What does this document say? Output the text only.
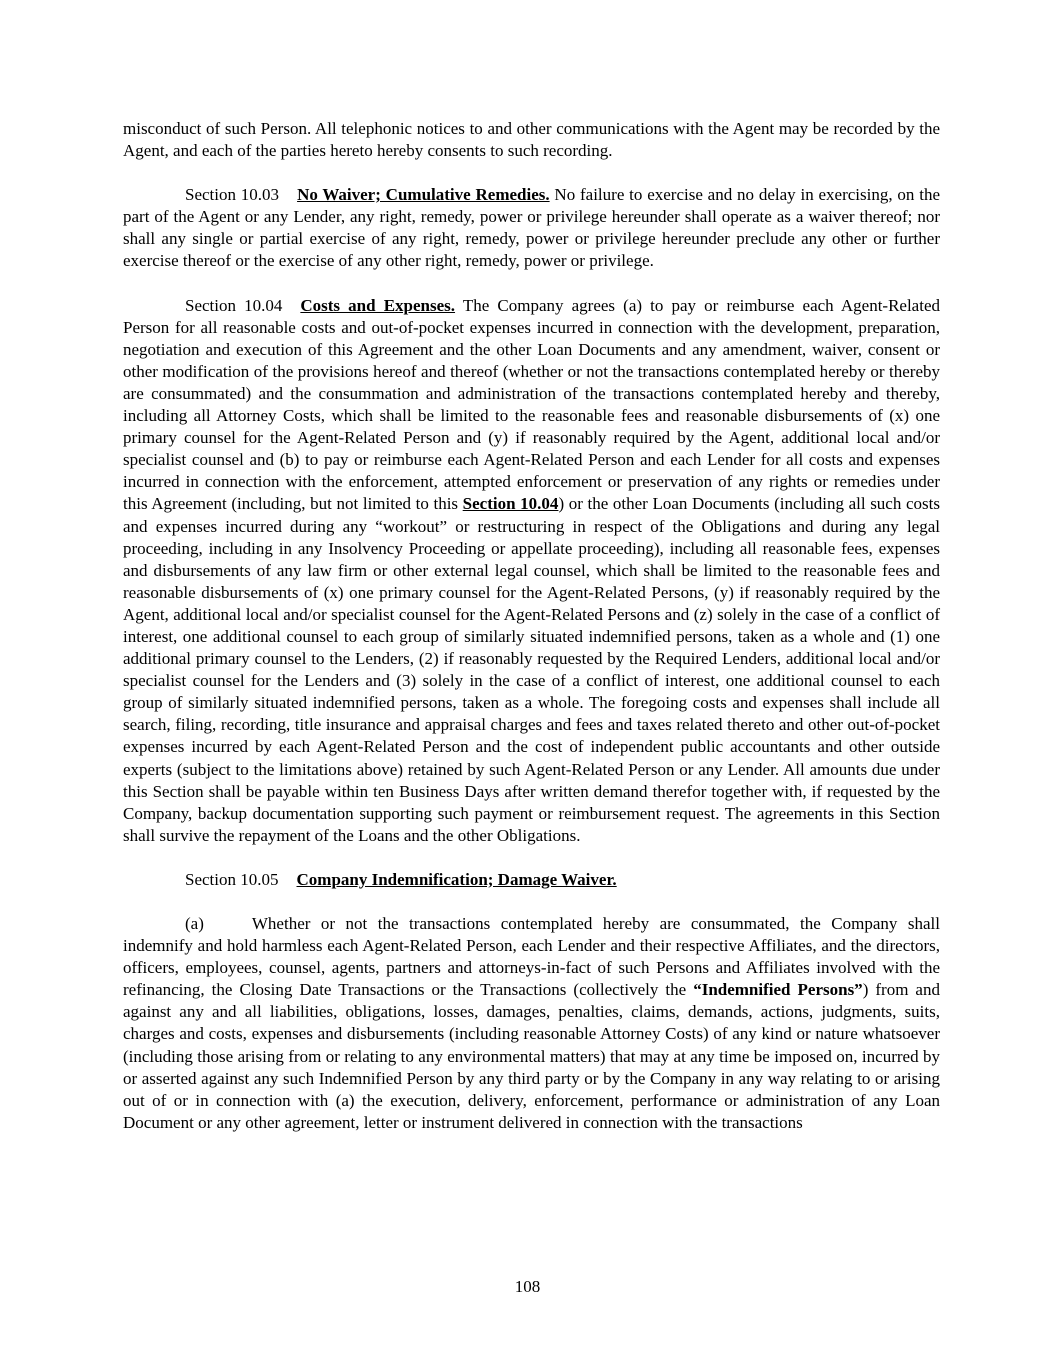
misconduct of such Person. All telephonic notices to and other communications with the Agent may be recorded by the Agent, and each of the parties hereto hereby consents to such recording.

Section 10.03 No Waiver; Cumulative Remedies. No failure to exercise and no delay in exercising, on the part of the Agent or any Lender, any right, remedy, power or privilege hereunder shall operate as a waiver thereof; nor shall any single or partial exercise of any right, remedy, power or privilege hereunder preclude any other or further exercise thereof or the exercise of any other right, remedy, power or privilege.

Section 10.04 Costs and Expenses. The Company agrees (a) to pay or reimburse each Agent-Related Person for all reasonable costs and out-of-pocket expenses incurred in connection with the development, preparation, negotiation and execution of this Agreement and the other Loan Documents and any amendment, waiver, consent or other modification of the provisions hereof and thereof (whether or not the transactions contemplated hereby or thereby are consummated) and the consummation and administration of the transactions contemplated hereby and thereby, including all Attorney Costs, which shall be limited to the reasonable fees and reasonable disbursements of (x) one primary counsel for the Agent-Related Person and (y) if reasonably required by the Agent, additional local and/or specialist counsel and (b) to pay or reimburse each Agent-Related Person and each Lender for all costs and expenses incurred in connection with the enforcement, attempted enforcement or preservation of any rights or remedies under this Agreement (including, but not limited to this Section 10.04) or the other Loan Documents (including all such costs and expenses incurred during any “workout” or restructuring in respect of the Obligations and during any legal proceeding, including in any Insolvency Proceeding or appellate proceeding), including all reasonable fees, expenses and disbursements of any law firm or other external legal counsel, which shall be limited to the reasonable fees and reasonable disbursements of (x) one primary counsel for the Agent-Related Persons, (y) if reasonably required by the Agent, additional local and/or specialist counsel for the Agent-Related Persons and (z) solely in the case of a conflict of interest, one additional counsel to each group of similarly situated indemnified persons, taken as a whole and (1) one additional primary counsel to the Lenders, (2) if reasonably requested by the Required Lenders, additional local and/or specialist counsel for the Lenders and (3) solely in the case of a conflict of interest, one additional counsel to each group of similarly situated indemnified persons, taken as a whole. The foregoing costs and expenses shall include all search, filing, recording, title insurance and appraisal charges and fees and taxes related thereto and other out-of-pocket expenses incurred by each Agent-Related Person and the cost of independent public accountants and other outside experts (subject to the limitations above) retained by such Agent-Related Person or any Lender. All amounts due under this Section shall be payable within ten Business Days after written demand therefor together with, if requested by the Company, backup documentation supporting such payment or reimbursement request. The agreements in this Section shall survive the repayment of the Loans and the other Obligations.

Section 10.05 Company Indemnification; Damage Waiver.

(a)	Whether or not the transactions contemplated hereby are consummated, the Company shall indemnify and hold harmless each Agent-Related Person, each Lender and their respective Affiliates, and the directors, officers, employees, counsel, agents, partners and attorneys-in-fact of such Persons and Affiliates involved with the refinancing, the Closing Date Transactions or the Transactions (collectively the “Indemnified Persons”) from and against any and all liabilities, obligations, losses, damages, penalties, claims, demands, actions, judgments, suits, charges and costs, expenses and disbursements (including reasonable Attorney Costs) of any kind or nature whatsoever (including those arising from or relating to any environmental matters) that may at any time be imposed on, incurred by or asserted against any such Indemnified Person by any third party or by the Company in any way relating to or arising out of or in connection with (a) the execution, delivery, enforcement, performance or administration of any Loan Document or any other agreement, letter or instrument delivered in connection with the transactions

108
